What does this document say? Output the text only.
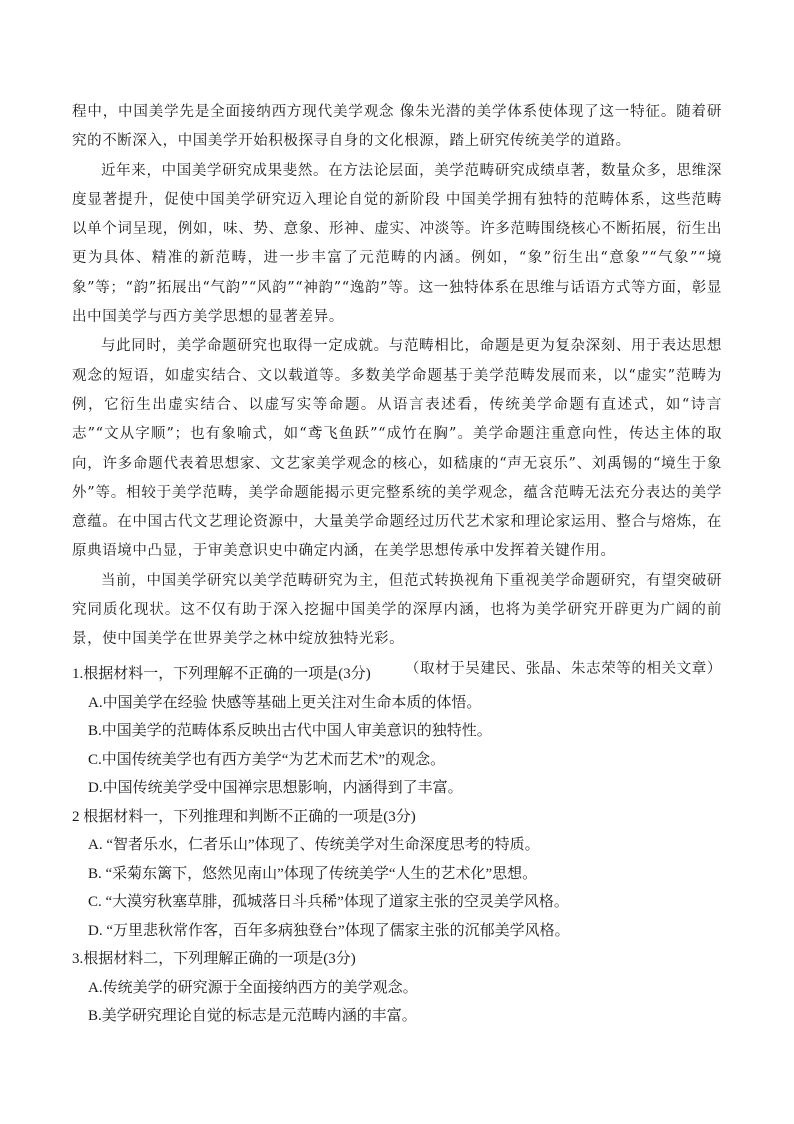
程中，中国美学先是全面接纳西方现代美学观念 像朱光潜的美学体系使体现了这一特征。随着研究的不断深入，中国美学开始积极探寻自身的文化根源，踏上研究传统美学的道路。

近年来，中国美学研究成果斐然。在方法论层面，美学范畴研究成绩卓著，数量众多，思维深度显著提升，促使中国美学研究迈入理论自觉的新阶段 中国美学拥有独特的范畴体系，这些范畴以单个词呈现，例如，味、势、意象、形神、虚实、冲淡等。许多范畴围绕核心不断拓展，衍生出更为具体、精准的新范畴，进一步丰富了元范畴的内涵。例如，“象”衍生出“意象”“气象”“境象”等；“韵”拓展出“气韵”“风韵”“神韵”“逸韵”等。这一独特体系在思维与话语方式等方面，彰显出中国美学与西方美学思想的显著差异。

与此同时，美学命题研究也取得一定成就。与范畴相比，命题是更为复杂深刻、用于表达思想观念的短语，如虚实结合、文以载道等。多数美学命题基于美学范畴发展而来，以“虚实”范畴为例，它衍生出虚实结合、以虚写实等命题。从语言表述看，传统美学命题有直述式，如“诗言志”“文从字顺”；也有象喻式，如“鸢飞鱼跃”“成竹在胸”。美学命题注重意向性，传达主体的取向，许多命题代表着思想家、文艺家美学观念的核心，如嵇康的“声无哀乐”、刘禹锡的“境生于象外”等。相较于美学范畴，美学命题能揭示更完整系统的美学观念，蕴含范畴无法充分表达的美学意蕴。在中国古代文艺理论资源中，大量美学命题经过历代艺术家和理论家运用、整合与熔炼，在原典语境中凸显，于审美意识史中确定内涵，在美学思想传承中发挥着关键作用。

当前，中国美学研究以美学范畴研究为主，但范式转换视角下重视美学命题研究，有望突破研究同质化现状。这不仅有助于深入挖掘中国美学的深厚内涵，也将为美学研究开辟更为广阔的前景，使中国美学在世界美学之林中绽放独特光彩。

（取材于吴建民、张晶、朱志荣等的相关文章）

1.根据材料一，下列理解不正确的一项是(3分)

A.中国美学在经验 快感等基础上更关注对生命本质的体悟。

B.中国美学的范畴体系反映出古代中国人审美意识的独特性。

C.中国传统美学也有西方美学“为艺术而艺术”的观念。

D.中国传统美学受中国禅宗思想影响，内涵得到了丰富。

2 根据材料一，下列推理和判断不正确的一项是(3分)

A. “智者乐水，仁者乐山”体现了、传统美学对生命深度思考的特质。

B. “采菊东篱下，悠然见南山”体现了传统美学“人生的艺术化”思想。

C. “大漠穷秋塞草腓，孤城落日斗兵稀”体现了道家主张的空灵美学风格。

D. “万里悲秋常作客，百年多病独登台”体现了儒家主张的沉郁美学风格。

3.根据材料二，下列理解正确的一项是(3分)

A.传统美学的研究源于全面接纳西方的美学观念。

B.美学研究理论自觉的标志是元范畴内涵的丰富。
